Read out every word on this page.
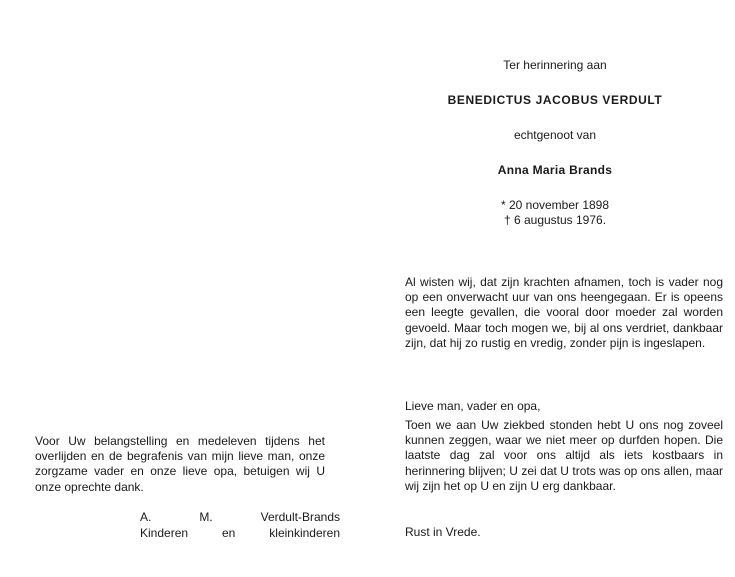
Ter herinnering aan
BENEDICTUS JACOBUS VERDULT
echtgenoot van
Anna Maria Brands
* 20 november 1898
† 6 augustus 1976.

Al wisten wij, dat zijn krachten afnamen, toch is vader nog op een onverwacht uur van ons heengegaan. Er is opeens een leegte gevallen, die vooral door moeder zal worden gevoeld. Maar toch mogen we, bij al ons verdriet, dankbaar zijn, dat hij zo rustig en vredig, zonder pijn is ingeslapen.

Lieve man, vader en opa,

Toen we aan Uw ziekbed stonden hebt U ons nog zoveel kunnen zeggen, waar we niet meer op durfden hopen. Die laatste dag zal voor ons altijd als iets kostbaars in herinnering blijven; U zei dat U trots was op ons allen, maar wij zijn het op U en zijn U erg dankbaar.

Rust in Vrede.

Voor Uw belangstelling en medeleven tijdens het overlijden en de begrafenis van mijn lieve man, onze zorgzame vader en onze lieve opa, betuigen wij U onze oprechte dank.

A. M. Verdult-Brands
Kinderen en kleinkinderen
